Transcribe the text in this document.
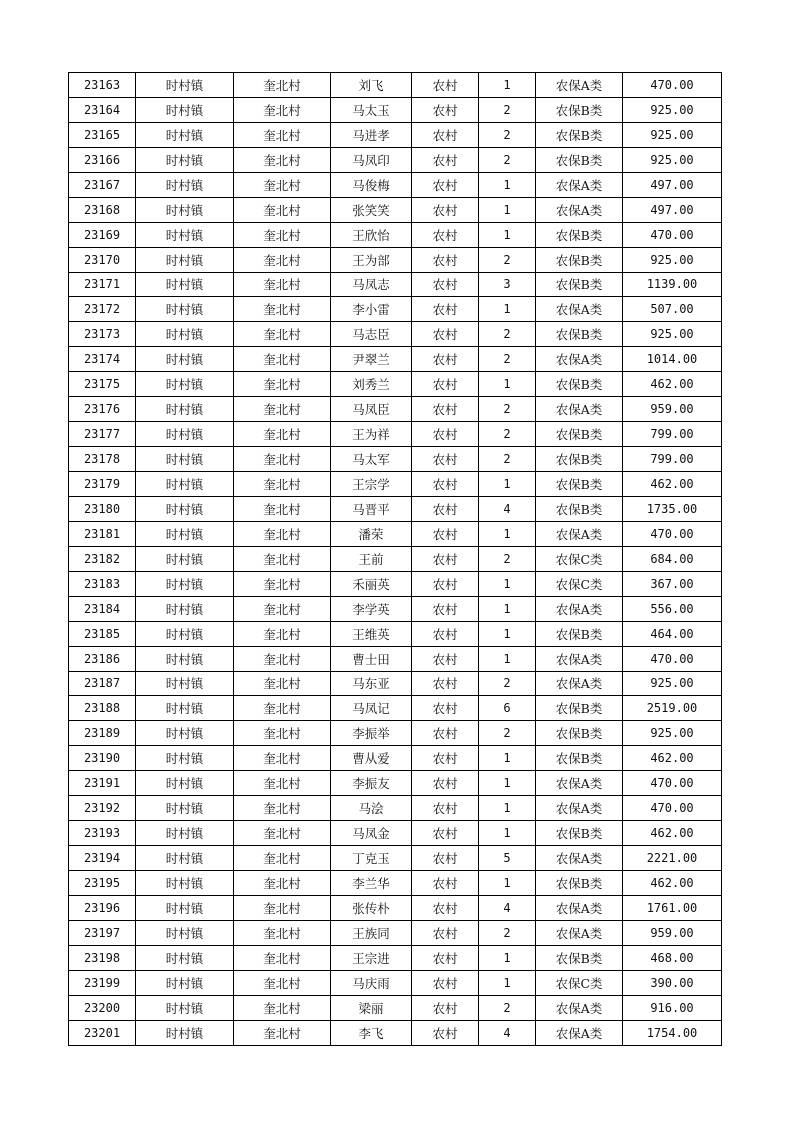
23163	时村镇	奎北村	刘飞	农村	1	农保A类	470.00
23164	时村镇	奎北村	马太玉	农村	2	农保B类	925.00
23165	时村镇	奎北村	马进孝	农村	2	农保B类	925.00
23166	时村镇	奎北村	马凤印	农村	2	农保B类	925.00
23167	时村镇	奎北村	马俊梅	农村	1	农保A类	497.00
23168	时村镇	奎北村	张笑笑	农村	1	农保A类	497.00
23169	时村镇	奎北村	王欣怡	农村	1	农保B类	470.00
23170	时村镇	奎北村	王为部	农村	2	农保B类	925.00
23171	时村镇	奎北村	马凤志	农村	3	农保B类	1139.00
23172	时村镇	奎北村	李小雷	农村	1	农保A类	507.00
23173	时村镇	奎北村	马志臣	农村	2	农保B类	925.00
23174	时村镇	奎北村	尹翠兰	农村	2	农保A类	1014.00
23175	时村镇	奎北村	刘秀兰	农村	1	农保B类	462.00
23176	时村镇	奎北村	马凤臣	农村	2	农保A类	959.00
23177	时村镇	奎北村	王为祥	农村	2	农保B类	799.00
23178	时村镇	奎北村	马太军	农村	2	农保B类	799.00
23179	时村镇	奎北村	王宗学	农村	1	农保B类	462.00
23180	时村镇	奎北村	马晋平	农村	4	农保B类	1735.00
23181	时村镇	奎北村	潘荣	农村	1	农保A类	470.00
23182	时村镇	奎北村	王前	农村	2	农保C类	684.00
23183	时村镇	奎北村	禾丽英	农村	1	农保C类	367.00
23184	时村镇	奎北村	李学英	农村	1	农保A类	556.00
23185	时村镇	奎北村	王维英	农村	1	农保B类	464.00
23186	时村镇	奎北村	曹士田	农村	1	农保A类	470.00
23187	时村镇	奎北村	马东亚	农村	2	农保A类	925.00
23188	时村镇	奎北村	马凤记	农村	6	农保B类	2519.00
23189	时村镇	奎北村	李振举	农村	2	农保B类	925.00
23190	时村镇	奎北村	曹从爱	农村	1	农保B类	462.00
23191	时村镇	奎北村	李振友	农村	1	农保A类	470.00
23192	时村镇	奎北村	马浍	农村	1	农保A类	470.00
23193	时村镇	奎北村	马凤金	农村	1	农保B类	462.00
23194	时村镇	奎北村	丁克玉	农村	5	农保A类	2221.00
23195	时村镇	奎北村	李兰华	农村	1	农保B类	462.00
23196	时村镇	奎北村	张传朴	农村	4	农保A类	1761.00
23197	时村镇	奎北村	王族同	农村	2	农保A类	959.00
23198	时村镇	奎北村	王宗进	农村	1	农保B类	468.00
23199	时村镇	奎北村	马庆雨	农村	1	农保C类	390.00
23200	时村镇	奎北村	梁丽	农村	2	农保A类	916.00
23201	时村镇	奎北村	李飞	农村	4	农保A类	1754.00
